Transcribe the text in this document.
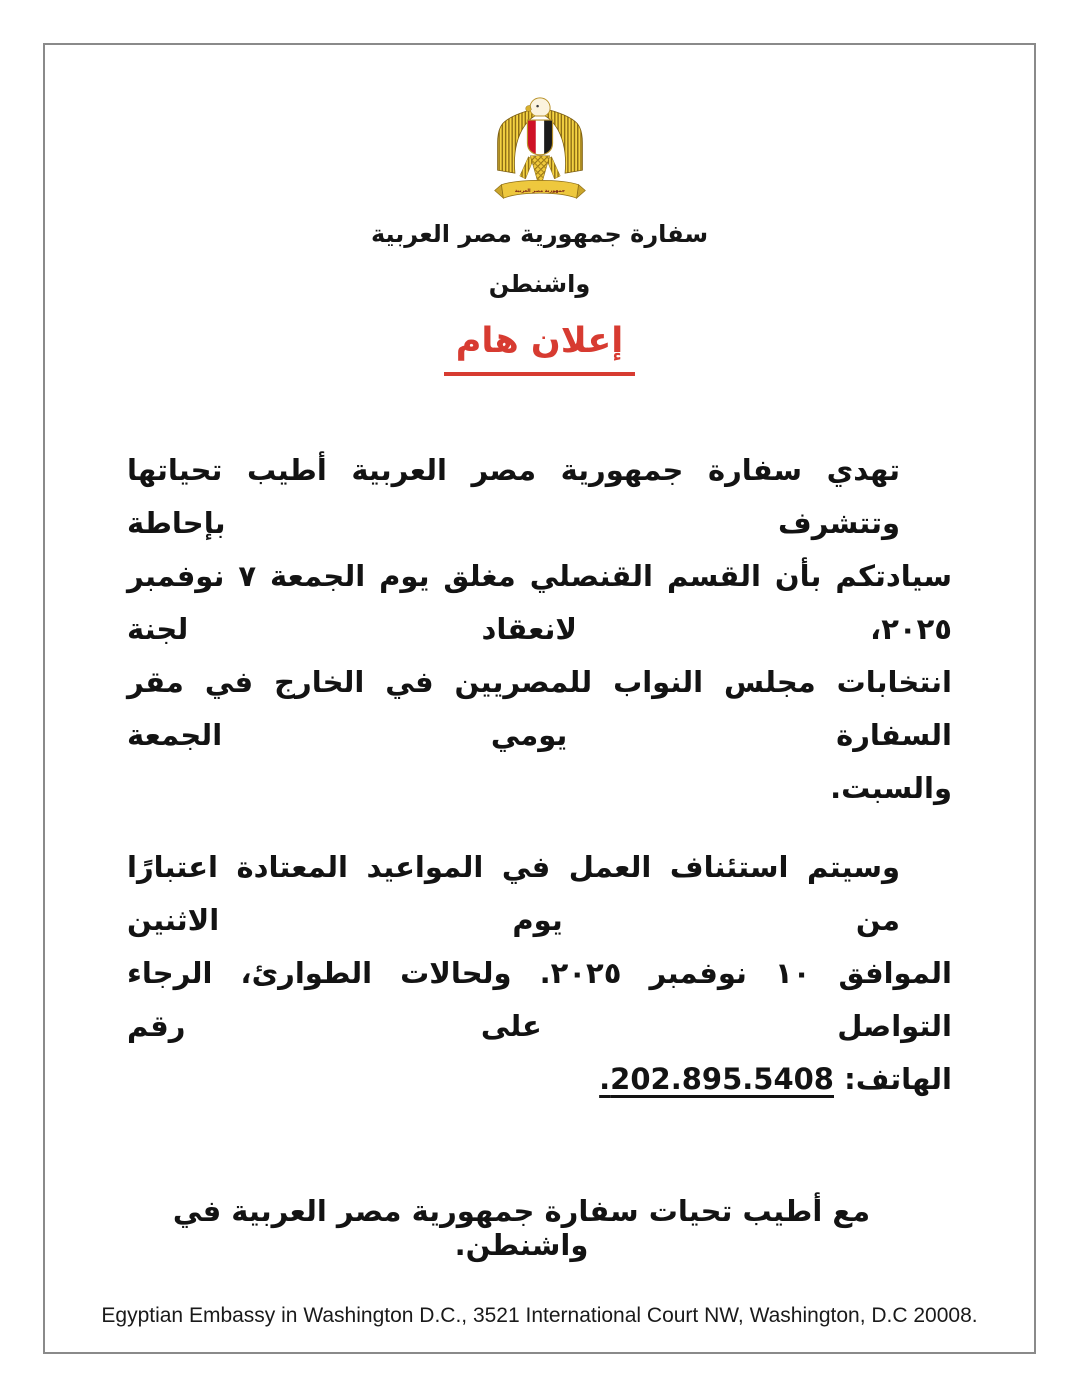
جمهورية مصر العربية
سفارة جمهورية مصر العربية
واشنطن
إعلان هام
تهدي سفارة جمهورية مصر العربية أطيب تحياتها وتتشرف بإحاطة
سيادتكم بأن القسم القنصلي مغلق يوم الجمعة ٧ نوفمبر ٢٠٢٥، لانعقاد لجنة
انتخابات مجلس النواب للمصريين في الخارج في مقر السفارة يومي الجمعة
والسبت.
وسيتم استئناف العمل في المواعيد المعتادة اعتبارًا من يوم الاثنين
الموافق ١٠ نوفمبر ٢٠٢٥. ولحالات الطوارئ، الرجاء التواصل على رقم
الهاتف: 202.895.5408.
مع أطيب تحيات سفارة جمهورية مصر العربية في واشنطن.
Egyptian Embassy in Washington D.C., 3521 International Court NW, Washington, D.C 20008.
